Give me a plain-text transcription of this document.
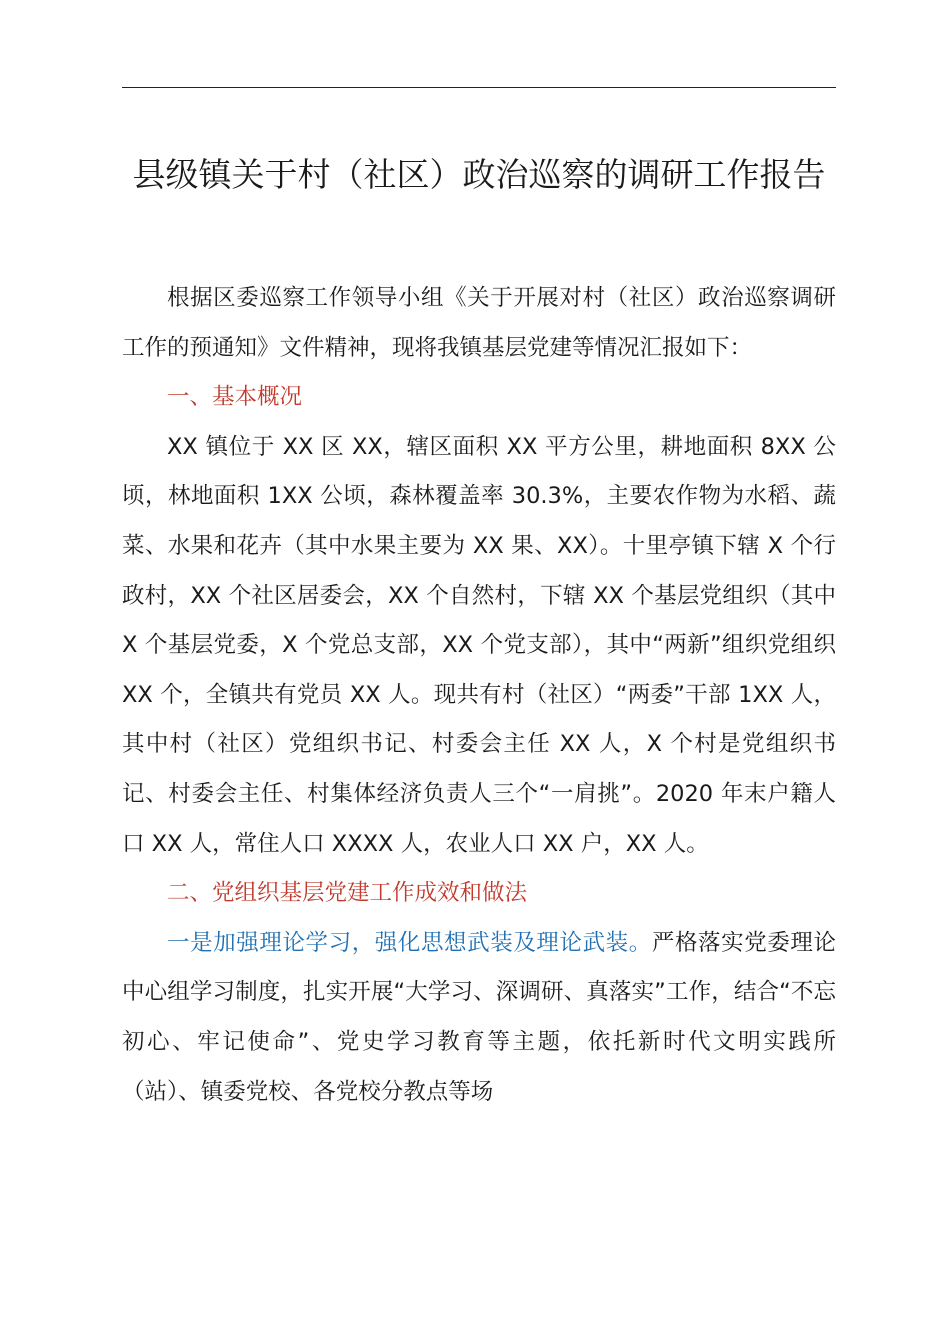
县级镇关于村（社区）政治巡察的调研工作报告

根据区委巡察工作领导小组《关于开展对村（社区）政治巡察调研工作的预通知》文件精神，现将我镇基层党建等情况汇报如下：

一、基本概况

XX 镇位于 XX 区 XX，辖区面积 XX 平方公里，耕地面积 8XX 公顷，林地面积 1XX 公顷，森林覆盖率 30.3%，主要农作物为水稻、蔬菜、水果和花卉（其中水果主要为 XX 果、XX）。十里亭镇下辖 X 个行政村，XX 个社区居委会，XX 个自然村，下辖 XX 个基层党组织（其中 X 个基层党委，X 个党总支部，XX 个党支部），其中“两新”组织党组织 XX 个，全镇共有党员 XX 人。现共有村（社区）“两委”干部 1XX 人，其中村（社区）党组织书记、村委会主任 XX 人，X 个村是党组织书记、村委会主任、村集体经济负责人三个“一肩挑”。2020 年末户籍人口 XX 人，常住人口 XXXX 人，农业人口 XX 户，XX 人。

二、党组织基层党建工作成效和做法

一是加强理论学习，强化思想武装及理论武装。严格落实党委理论中心组学习制度，扎实开展“大学习、深调研、真落实”工作，结合“不忘初心、牢记使命”、党史学习教育等主题，依托新时代文明实践所（站）、镇委党校、各党校分教点等场
